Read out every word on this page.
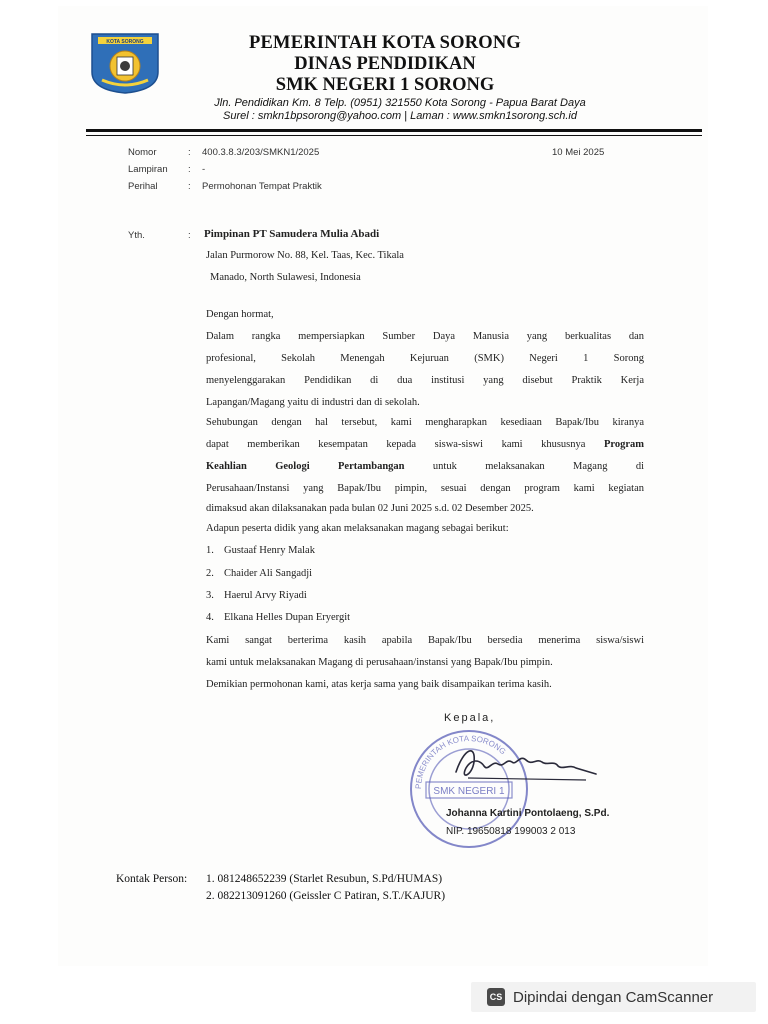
KOTA SORONG	PEMERINTAH KOTA SORONG
DINAS PENDIDIKAN
SMK NEGERI 1 SORONG
Jln. Pendidikan Km. 8 Telp. (0951) 321550 Kota Sorong - Papua Barat Daya
Surel : smkn1bpsorong@yahoo.com | Laman : www.smkn1sorong.sch.id
Nomor	: 400.3.8.3/203/SMKN1/2025
Lampiran : -
Perihal	: Permohonan Tempat Praktik
10 Mei 2025
Yth.	: Pimpinan PT Samudera Mulia Abadi
Jalan Purmorow No. 88, Kel. Taas, Kec. Tikala
Manado, North Sulawesi, Indonesia
Dengan hormat,
Dalam rangka mempersiapkan Sumber Daya Manusia yang berkualitas dan
profesional, Sekolah Menengah Kejuruan (SMK) Negeri 1 Sorong
menyelenggarakan Pendidikan di dua institusi yang disebut Praktik Kerja
Lapangan/Magang yaitu di industri dan di sekolah.
Sehubungan dengan hal tersebut, kami mengharapkan kesediaan Bapak/Ibu kiranya
dapat memberikan kesempatan kepada siswa-siswi kami khususnya Program
Keahlian Geologi Pertambangan	untuk melaksanakan Magang di
Perusahaan/Instansi yang Bapak/Ibu pimpin, sesuai dengan program kami kegiatan
dimaksud akan dilaksanakan pada bulan 02 Juni 2025 s.d. 02 Desember 2025.
Adapun peserta didik yang akan melaksanakan magang sebagai berikut:
1. Gustaaf Henry Malak
2. Chaider Ali Sangadji
3. Haerul Arvy Riyadi
4. Elkana Helles Dupan Eryergit
Kami sangat berterima kasih apabila Bapak/Ibu bersedia menerima siswa/siswi
kami untuk melaksanakan Magang di perusahaan/instansi yang Bapak/Ibu pimpin.
Demikian permohonan kami, atas kerja sama yang baik disampaikan terima kasih.
Kepala,
PEMERINTAH KOTA SORONG
SMK NEGERI 1
Johanna Kartini Pontolaeng, S.Pd.
NIP. 19650818 199003 2 013
Kontak Person: 1. 081248652239 (Starlet Resubun, S.Pd/HUMAS)
2. 082213091260 (Geissler C Patiran, S.T./KAJUR)
CS Dipindai dengan CamScanner
